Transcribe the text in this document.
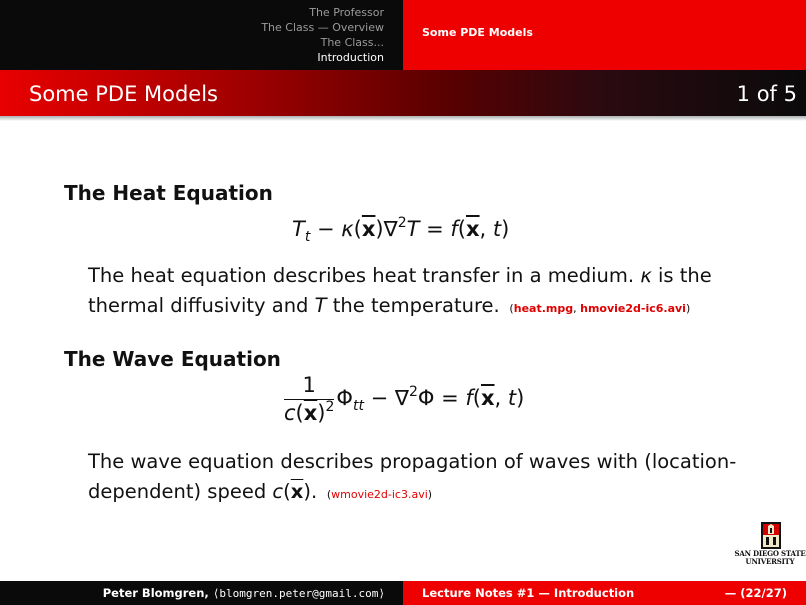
The Professor
The Class — Overview
The Class...
Introduction
Some PDE Models
Some PDE Models	1 of 5
The Heat Equation
$T_t - \kappa(\overline{x})\nabla^2T = f(\overline{x}$, t)
The heat equation describes heat transfer in a medium. κ is the thermal diffusivity and T the temperature.  (heat.mpg, hmovie2d-ic6.avi)
The Wave Equation
$\frac{1}{c(\overline{x})^2} \Phi_{tt} - \nabla^2\Phi = f(\overline{x}$, t)
The wave equation describes propagation of waves with (location-dependent) speed $c(\overline{x})$.  (wmovie2d-ic3.avi)
SAN DIEGO STATE
UNIVERSITY
Peter Blomgren, ⟨blomgren.peter@gmail.com⟩	Lecture Notes #1 — Introduction	— (22/27)
